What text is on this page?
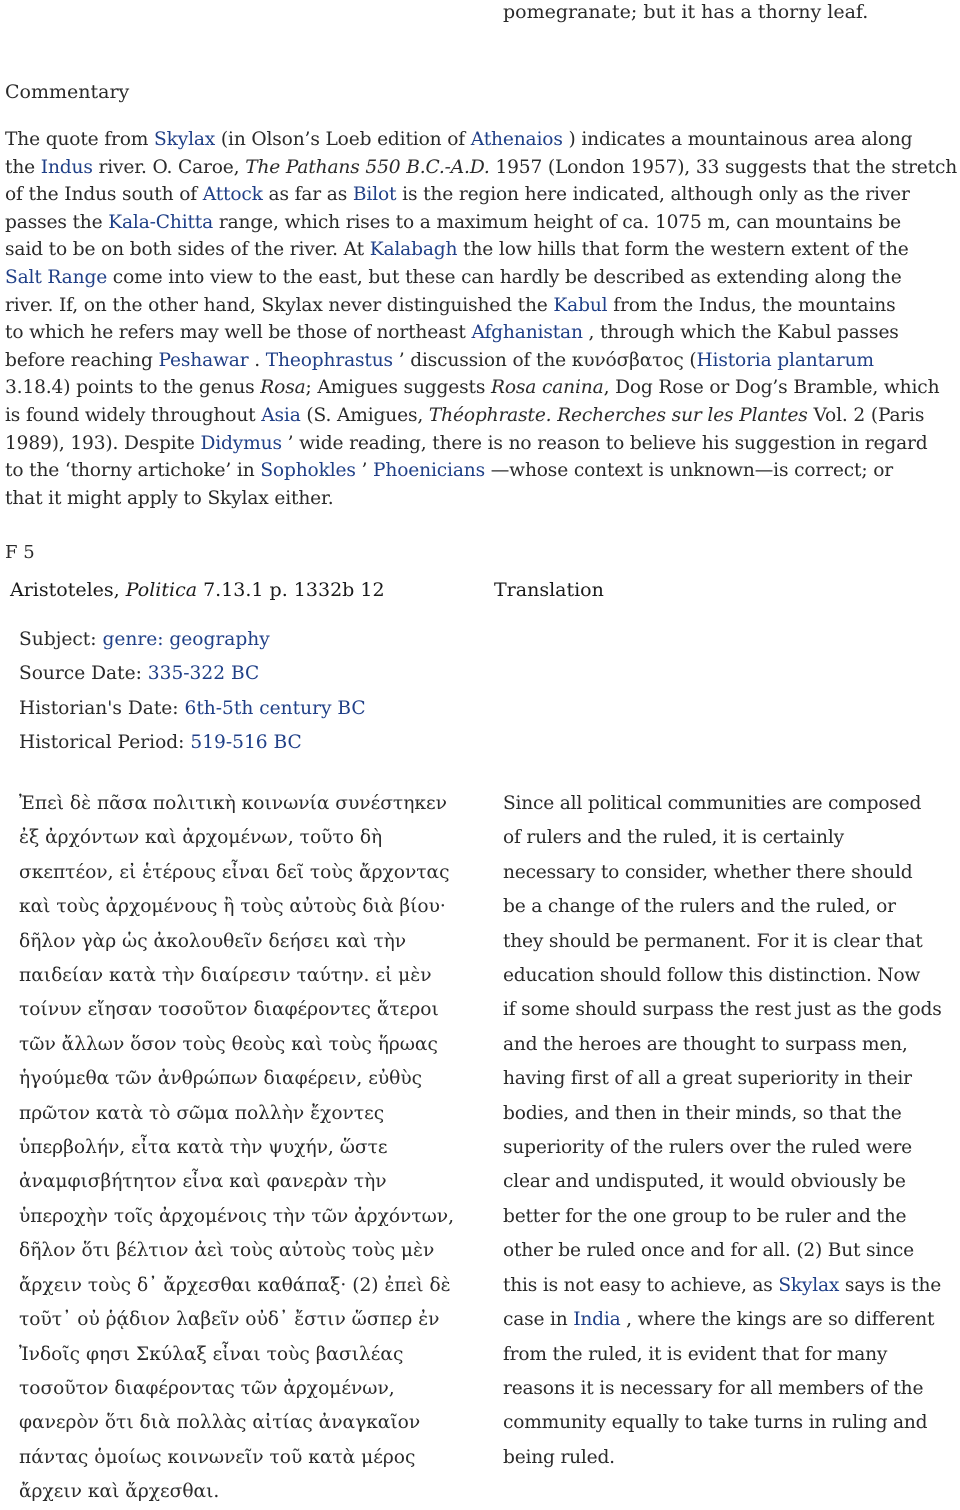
pomegranate; but it has a thorny leaf.
Commentary
The quote from Skylax (in Olson’s Loeb edition of Athenaios ) indicates a mountainous area along
the Indus river. O. Caroe, The Pathans 550 B.C.-A.D. 1957 (London 1957), 33 suggests that the stretch
of the Indus south of Attock as far as Bilot is the region here indicated, although only as the river
passes the Kala-Chitta range, which rises to a maximum height of ca. 1075 m, can mountains be
said to be on both sides of the river. At Kalabagh the low hills that form the western extent of the
Salt Range come into view to the east, but these can hardly be described as extending along the
river. If, on the other hand, Skylax never distinguished the Kabul from the Indus, the mountains
to which he refers may well be those of northeast Afghanistan , through which the Kabul passes
before reaching Peshawar . Theophrastus ’ discussion of the κυνόσβατος (Historia plantarum
3.18.4) points to the genus Rosa; Amigues suggests Rosa canina, Dog Rose or Dog’s Bramble, which
is found widely throughout Asia (S. Amigues, Théophraste. Recherches sur les Plantes Vol. 2 (Paris
1989), 193). Despite Didymus ’ wide reading, there is no reason to believe his suggestion in regard
to the ‘thorny artichoke’ in Sophokles ’ Phoenicians —whose context is unknown—is correct; or
that it might apply to Skylax either.
F 5
Aristoteles, Politica 7.13.1 p. 1332b 12	Translation
Subject: genre: geography
Source Date: 335-322 BC
Historian's Date: 6th-5th century BC
Historical Period: 519-516 BC
Ἐπεὶ δὲ πᾶσα πολιτικὴ κοινωνία συνέστηκεν
ἐξ ἀρχόντων καὶ ἀρχομένων, τοῦτο δὴ
σκεπτέον, εἰ ἑτέρους εἶναι δεῖ τοὺς ἄρχοντας
καὶ τοὺς ἀρχομένους ἢ τοὺς αὐτοὺς διὰ βίου·
δῆλον γὰρ ὡς ἀκολουθεῖν δεήσει καὶ τὴν
παιδείαν κατὰ τὴν διαίρεσιν ταύτην. εἰ μὲν
τοίνυν εἴησαν τοσοῦτον διαφέροντες ἅτεροι
τῶν ἄλλων ὅσον τοὺς θεοὺς καὶ τοὺς ἥρωας
ἡγούμεθα τῶν ἀνθρώπων διαφέρειν, εὐθὺς
πρῶτον κατὰ τὸ σῶμα πολλὴν ἔχοντες
ὑπερβολήν, εἶτα κατὰ τὴν ψυχήν, ὥστε
ἀναμφισβήτητον εἶνα καὶ φανερὰν τὴν
ὑπεροχὴν τοῖς ἀρχομένοις τὴν τῶν ἀρχόντων,
δῆλον ὅτι βέλτιον ἀεὶ τοὺς αὐτοὺς τοὺς μὲν
ἄρχειν τοὺς δ᾽ ἄρχεσθαι καθάπαξ· (2) ἐπεὶ δὲ
τοῦτ᾽ οὐ ῥᾴδιον λαβεῖν οὐδ᾽ ἔστιν ὥσπερ ἐν
Ἰνδοῖς φησι Σκύλαξ εἶναι τοὺς βασιλέας
τοσοῦτον διαφέροντας τῶν ἀρχομένων,
φανερὸν ὅτι διὰ πολλὰς αἰτίας ἀναγκαῖον
πάντας ὁμοίως κοινωνεῖν τοῦ κατὰ μέρος
ἄρχειν καὶ ἄρχεσθαι.
Since all political communities are composed
of rulers and the ruled, it is certainly
necessary to consider, whether there should
be a change of the rulers and the ruled, or
they should be permanent. For it is clear that
education should follow this distinction. Now
if some should surpass the rest just as the gods
and the heroes are thought to surpass men,
having first of all a great superiority in their
bodies, and then in their minds, so that the
superiority of the rulers over the ruled were
clear and undisputed, it would obviously be
better for the one group to be ruler and the
other be ruled once and for all. (2) But since
this is not easy to achieve, as Skylax says is the
case in India , where the kings are so different
from the ruled, it is evident that for many
reasons it is necessary for all members of the
community equally to take turns in ruling and
being ruled.
